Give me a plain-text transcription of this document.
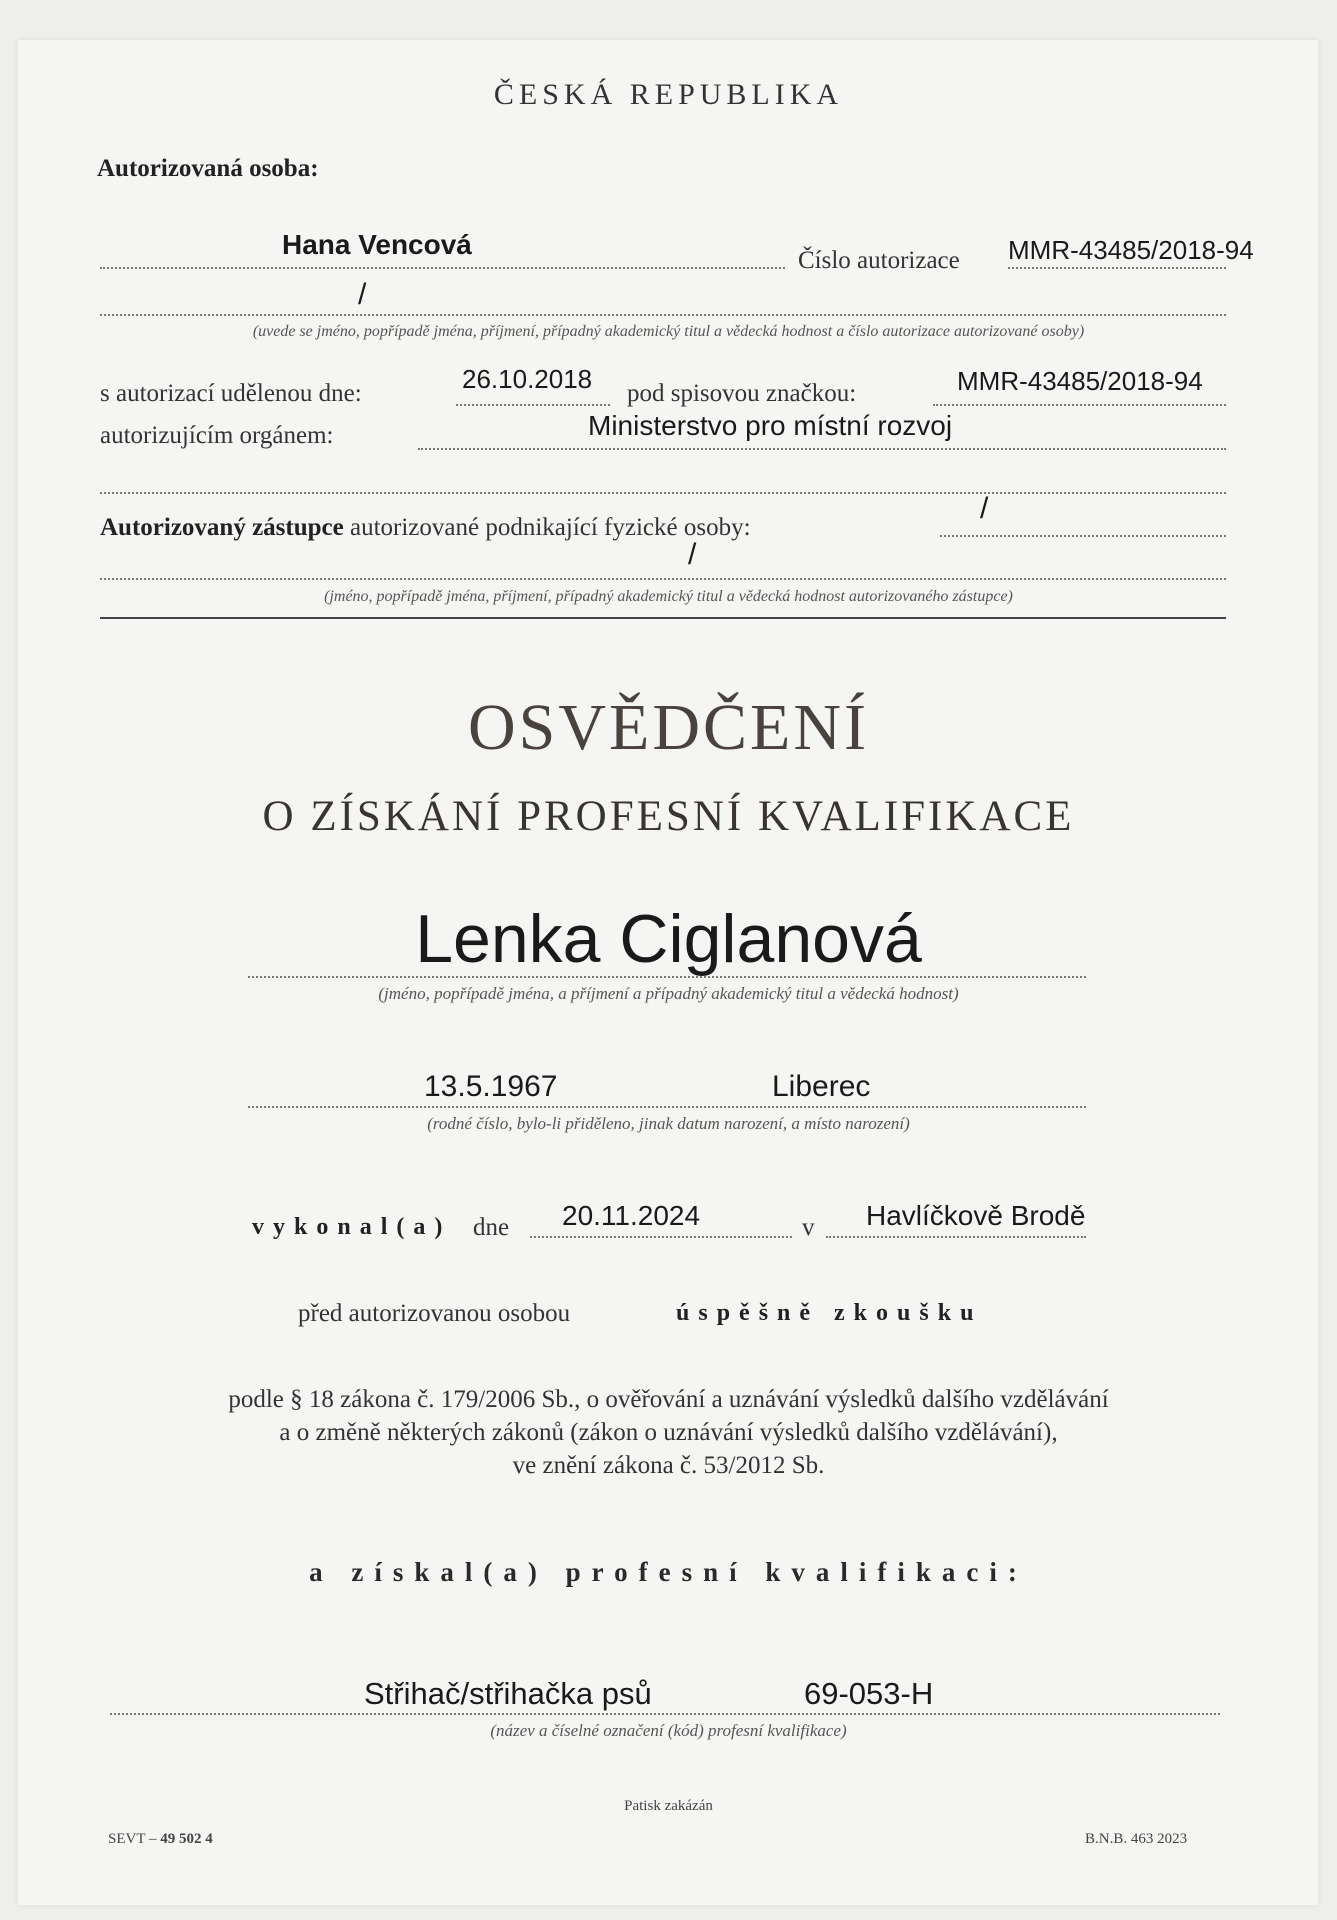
ČESKÁ REPUBLIKA
Autorizovaná osoba:
Hana Vencová
Číslo autorizace MMR-43485/2018-94
/
(uvede se jméno, popřípadě jména, příjmení, případný akademický titul a vědecká hodnost a číslo autorizace autorizované osoby)
s autorizací udělenou dne:	26.10.2018 pod spisovou značkou:	MMR-43485/2018-94
autorizujícím orgánem:	Ministerstvo pro místní rozvoj
Autorizovaný zástupce autorizované podnikající fyzické osoby:
/
/
(jméno, popřípadě jména, příjmení, případný akademický titul a vědecká hodnost autorizovaného zástupce)
OSVĚDČENÍ
O ZÍSKÁNÍ PROFESNÍ KVALIFIKACE
Lenka Ciglanová
(jméno, popřípadě jména, a příjmení a případný akademický titul a vědecká hodnost)
13.5.1967	Liberec
(rodné číslo, bylo-li přiděleno, jinak datum narození, a místo narození)
vykonal(a) dne 20.11.2024	v Havlíčkově Brodě
před autorizovanou osobou	úspěšně zkoušku
podle § 18 zákona č. 179/2006 Sb., o ověřování a uznávání výsledků dalšího vzdělávání
a o změně některých zákonů (zákon o uznávání výsledků dalšího vzdělávání),
ve znění zákona č. 53/2012 Sb.
a získal(a) profesní kvalifikaci:
Střihač/střihačka psů	69-053-H
(název a číselné označení (kód) profesní kvalifikace)
Patisk zakázán
SEVT – 49 502 4	B.N.B. 463 2023
